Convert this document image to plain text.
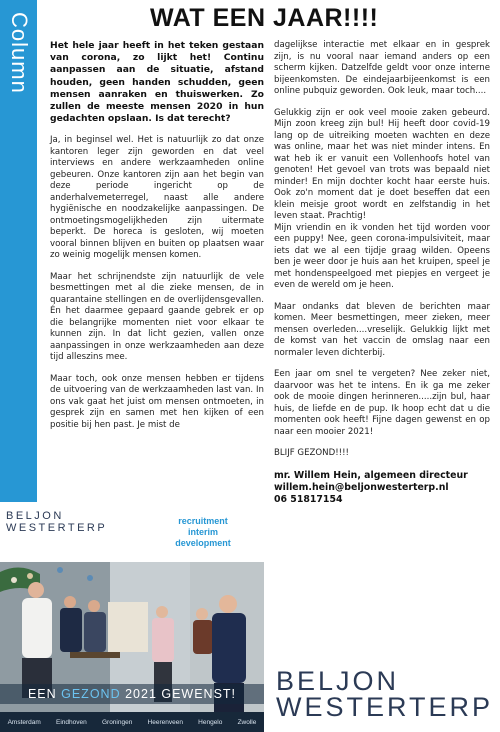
Column	WAT EEN JAAR!!!!

Het hele jaar heeft in het teken gestaan van corona, zo lijkt het! Continu aanpassen aan de situatie, afstand houden, geen handen schudden, geen mensen aanraken en thuiswerken. Zo zullen de meeste mensen 2020 in hun gedachten opslaan. Is dat terecht?

Ja, in beginsel wel. Het is natuurlijk zo dat onze kantoren leger zijn geworden en dat veel interviews en andere werkzaamheden online gebeuren. Onze kantoren zijn aan het begin van deze periode ingericht op de anderhalvemeterregel, naast alle andere hygiënische en noodzakelijke aanpassingen. De ontmoetingsmogelijkheden zijn uitermate beperkt. De horeca is gesloten, wij moeten vooral binnen blijven en buiten op plaatsen waar zo weinig mogelijk mensen komen.

Maar het schrijnendste zijn natuurlijk de vele besmettingen met al die zieke mensen, de in quarantaine stellingen en de overlijdensgevallen. Én het daarmee gepaard gaande gebrek er op die belangrijke momenten niet voor elkaar te kunnen zijn. In dat licht gezien, vallen onze aanpassingen in onze werkzaamheden aan deze tijd alleszins mee.

Maar toch, ook onze mensen hebben er tijdens de uitvoering van de werkzaamheden last van. In ons vak gaat het juist om mensen ontmoeten, in gesprek zijn en samen met hen kijken of een positie bij hen past. Je mist de

dagelijkse interactie met elkaar en in gesprek zijn, is nu vooral naar iemand anders op een scherm kijken. Datzelfde geldt voor onze interne bijeenkomsten. De eindejaarbijeenkomst is een online pubquiz geworden. Ook leuk, maar toch....

Gelukkig zijn er ook veel mooie zaken gebeurd. Mijn zoon kreeg zijn bul! Hij heeft door covid-19 lang op de uitreiking moeten wachten en deze was online, maar het was niet minder intens. En wat heb ik er vanuit een Vollenhoofs hotel van genoten! Het gevoel van trots was bepaald niet minder! En mijn dochter kocht haar eerste huis. Ook zo'n moment dat je doet beseffen dat een klein meisje groot wordt en zelfstandig in het leven staat. Prachtig!

Mijn vriendin en ik vonden het tijd worden voor een puppy! Nee, geen corona-impulsiviteit, maar iets dat we al een tijdje graag wilden. Opeens ben je weer door je huis aan het kruipen, speel je met hondenspeelgoed met piepjes en vergeet je even de wereld om je heen.

Maar ondanks dat bleven de berichten maar komen. Meer besmettingen, meer zieken, meer mensen overleden....vreselijk. Gelukkig lijkt met de komst van het vaccin de omslag naar een normaler leven dichterbij.

Een jaar om snel te vergeten? Nee zeker niet, daarvoor was het te intens. En ik ga me zeker ook de mooie dingen herinneren.....zijn bul, haar huis, de liefde en de pup. Ik hoop echt dat u die momenten ook heeft! Fijne dagen gewenst en op naar een mooier 2021!

BLIJF GEZOND!!!!

mr. Willem Hein, algemeen directeur
willem.hein@beljonwesterterp.nl
06 51817154
BELJON
WESTERTERP
recruitment
interim
development
EEN GEZOND 2021 GEWENST!
Amsterdam Eindhoven Groningen Heerenveen Hengelo Zwolle
BELJON
WESTERTERP
